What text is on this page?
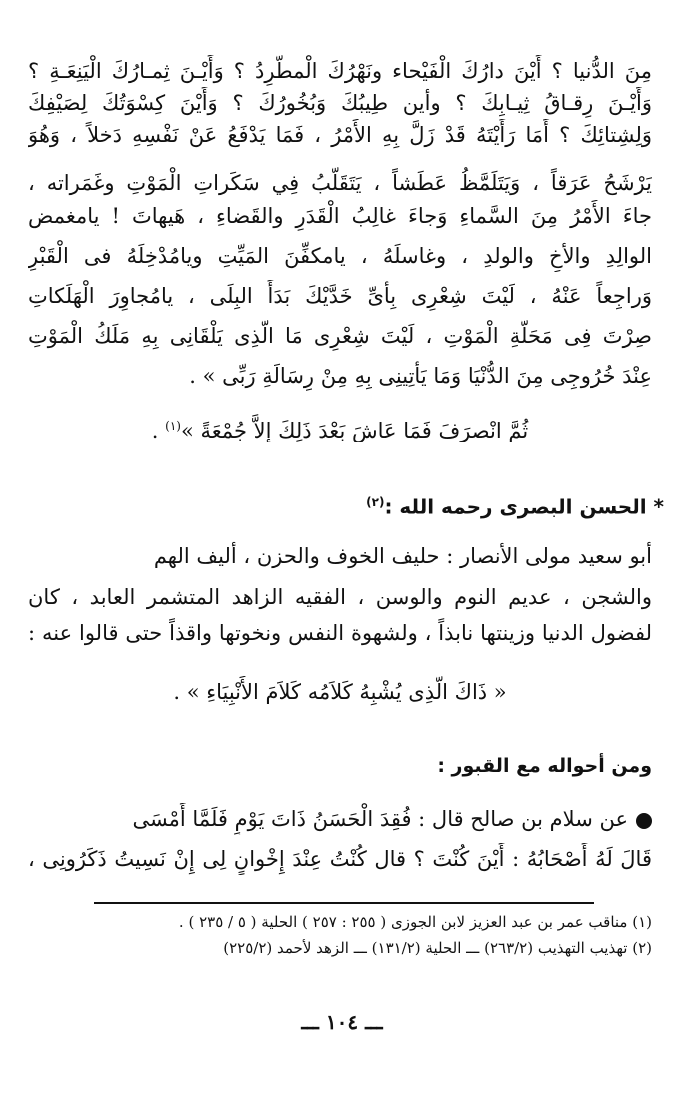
مِنَ الدُّنيا ؟ أَيْنَ دارُكَ الْفَيْحاء ونَهْرُكَ الْمطَّرِدُ ؟ وَأَيْـنَ ثِمـارُكَ الْيَنِعَـةِ ؟
وَأَيْـنَ رِقـاقُ ثِيـابِكَ ؟ وأين طِيبُكَ وَبُخُورُكَ ؟ وَأَيْنَ كِسْوَتُكَ لِصَيْفِكَ
وَلِشِتائِكَ ؟ أَمَا رَأَيْتَهُ قَدْ زَلَّ بِهِ الأَمْرُ ، فَمَا يَدْفَعُ عَنْ نَفْسِهِ دَخلاً ، وَهُوَ
يَرْشَحُ عَرَقاً ، وَيَتَلَمَّظُ عَطَشاً ، يَتَقَلَّبُ فِي سَكَراتِ الْمَوْتِ وغَمَراته ،
جاءَ الأَمْرُ مِنَ السَّماءِ وَجاءَ غالِبُ الْقَدَرِ والقَضاءِ ، هَيهاتَ ! يامغمض
الوالِدِ والأخِ والولدِ ، وغاسلَهُ ، يامكفِّنَ المَيِّتِ ويامُدْخِلَهُ فى الْقَبْرِ
وَراجِعاً عَنْهُ ، لَيْتَ شِعْرِى بِأَىِّ خَدَّيْكَ بَدَأَ البِلَى ، يامُجاوِرَ الْهَلَكاتِ
صِرْتَ فِى مَحَلَّةِ الْمَوْتِ ، لَيْتَ شِعْرِى مَا الَّذِى يَلْقَانِى بِهِ مَلَكُ الْمَوْتِ
عِنْدَ خُرُوجِى مِنَ الدُّنْيَا وَمَا يَأْتِينِى بِهِ مِنْ رِسَالَةِ رَبِّى » .
ثُمَّ انْصرَفَ فَمَا عَاشَ بَعْدَ ذَلِكَ إِلاَّ جُمْعَةً »$^{(١)}$ .
* الحسن البصرى رحمه الله :$^{(٢)}$
أبو سعيد مولى الأنصار : حليف الخوف والحزن ، أليف الهم
والشجن ، عديم النوم والوسن ، الفقيه الزاهد المتشمر العابد ، كان
لفضول الدنيا وزينتها نابذاً ، ولشهوة النفس ونخوتها واقذاً حتى قالوا عنه :
« ذَاكَ الَّذِى يُشْبِهُ كَلاَمُه كَلاَمَ الأَنْبِيَاءِ » .
ومن أحواله مع القبور :
عن سلام بن صالح قال : فُقِدَ الْحَسَنُ ذَاتَ يَوْمٍ فَلَمَّا أَمْسَى
قَالَ لَهُ أَصْحَابُهُ : أَيْنَ كُنْتَ ؟ قال كُنْتُ عِنْدَ إِخْوانٍ لِى إِنْ نَسِيتُ ذَكَرُونِى ،
(١) مناقب عمر بن عبد العزيز لابن الجوزى ( ٢٥٥ : ٢٥٧ ) الحلية ( ٥ / ٢٣٥ ) .
(٢) تهذيب التهذيب (٢٦٣/٢) ـــ الحلية (١٣١/٢) ـــ الزهد لأحمد (٢٢٥/٢)
ـــ ١٠٤ ـــ
